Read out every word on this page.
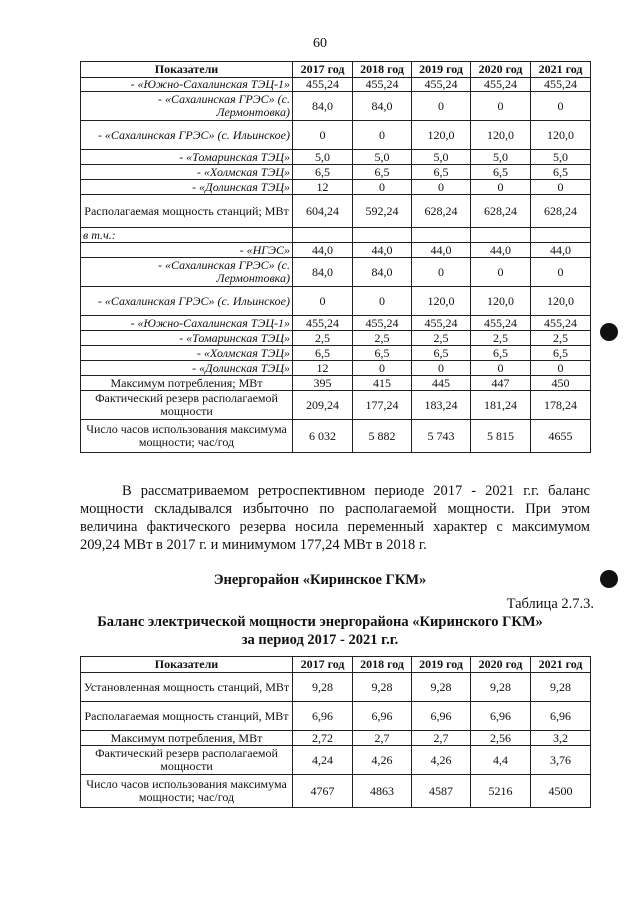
60
Показатели	2017 год	2018 год	2019 год	2020 год	2021 год
- «Южно-Сахалинская ТЭЦ-1»	455,24	455,24	455,24	455,24	455,24
- «Сахалинская ГРЭС» (с. Лермонтовка)	84,0	84,0	0	0	0
- «Сахалинская ГРЭС» (с. Ильинское)	0	0	120,0	120,0	120,0
- «Томаринская ТЭЦ»	5,0	5,0	5,0	5,0	5,0
- «Холмская ТЭЦ»	6,5	6,5	6,5	6,5	6,5
- «Долинская ТЭЦ»	12	0	0	0	0
Располагаемая мощность станций; МВт	604,24	592,24	628,24	628,24	628,24
в т.ч.:					
- «НГЭС»	44,0	44,0	44,0	44,0	44,0
- «Сахалинская ГРЭС» (с. Лермонтовка)	84,0	84,0	0	0	0
- «Сахалинская ГРЭС» (с. Ильинское)	0	0	120,0	120,0	120,0
- «Южно-Сахалинская ТЭЦ-1»	455,24	455,24	455,24	455,24	455,24
- «Томаринская ТЭЦ»	2,5	2,5	2,5	2,5	2,5
- «Холмская ТЭЦ»	6,5	6,5	6,5	6,5	6,5
- «Долинская ТЭЦ»	12	0	0	0	0
Максимум потребления; МВт	395	415	445	447	450
Фактический резерв располагаемой мощности	209,24	177,24	183,24	181,24	178,24
Число часов использования максимума мощности; час/год	6 032	5 882	5 743	5 815	4655

В рассматриваемом ретроспективном периоде 2017 - 2021 г.г. баланс мощности складывался избыточно по располагаемой мощности. При этом величина фактического резерва носила переменный характер с максимумом 209,24 МВт в 2017 г. и минимумом 177,24 МВт в 2018 г.

Энергорайон «Киринское ГКМ»
Таблица 2.7.3.
Баланс электрической мощности энергорайона «Киринского ГКМ»
за период 2017 - 2021 г.г.
Показатели	2017 год	2018 год	2019 год	2020 год	2021 год
Установленная мощность станций, МВт	9,28	9,28	9,28	9,28	9,28
Располагаемая мощность станций, МВт	6,96	6,96	6,96	6,96	6,96
Максимум потребления, МВт	2,72	2,7	2,7	2,56	3,2
Фактический резерв располагаемой мощности	4,24	4,26	4,26	4,4	3,76
Число часов использования максимума мощности; час/год	4767	4863	4587	5216	4500
